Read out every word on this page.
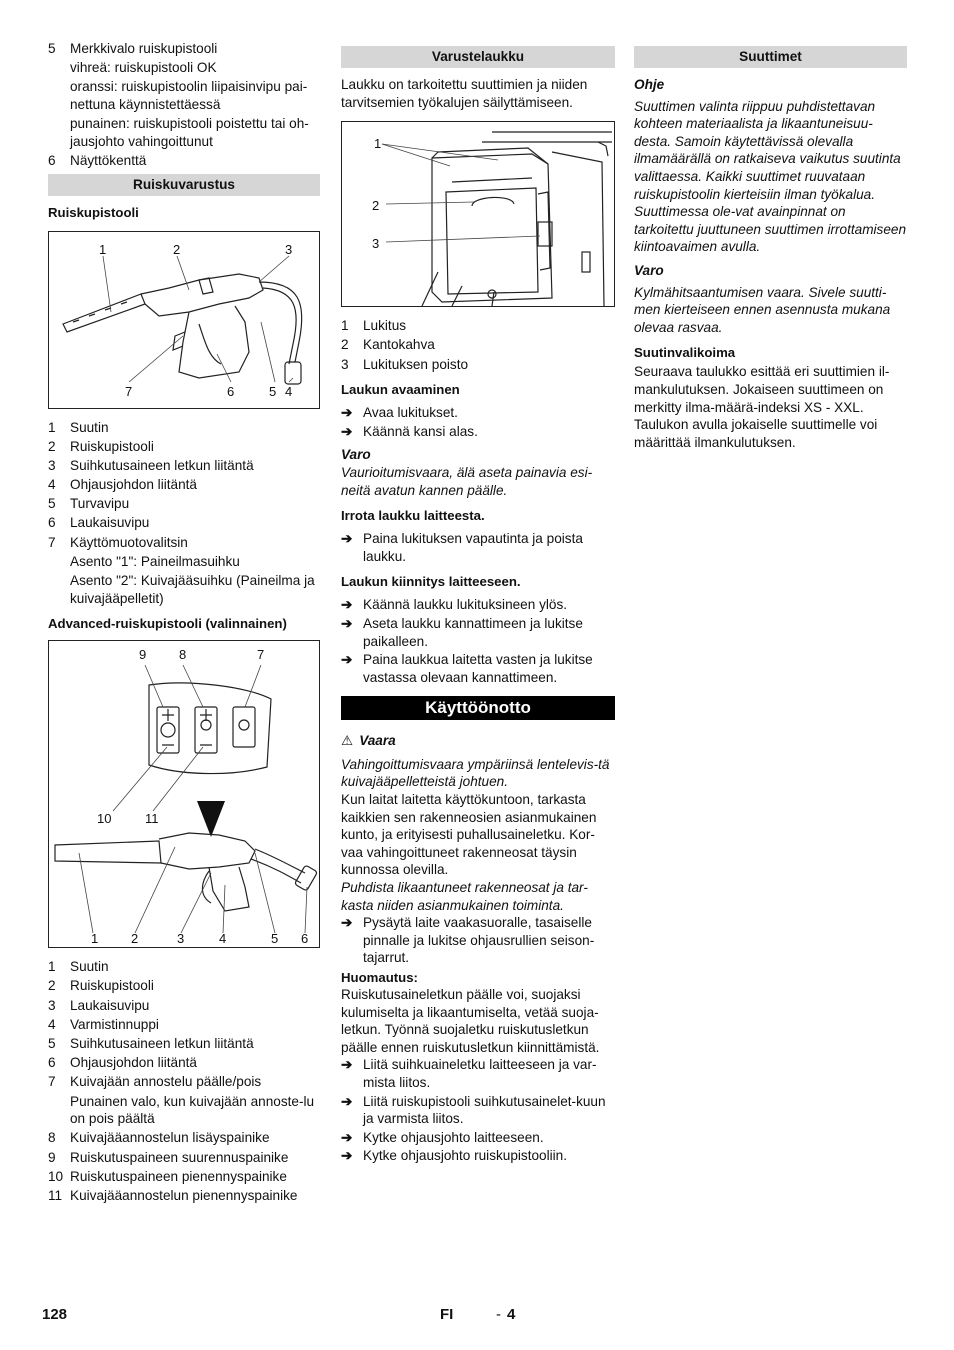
5	Merkkivalo ruiskupistooli
vihreä: ruiskupistooli OK
oranssi: ruiskupistoolin liipaisinvipu pai-nettuna käynnistettäessä
punainen: ruiskupistooli poistettu tai oh-jausjohto vahingoittunut
6	Näyttökenttä
Ruiskuvarustus
Ruiskupistooli
1	2	3
7	6	5 4
1	Suutin
2	Ruiskupistooli
3	Suihkutusaineen letkun liitäntä
4	Ohjausjohdon liitäntä
5	Turvavipu
6	Laukaisuvipu
7	Käyttömuotovalitsin
Asento "1": Paineilmasuihku
Asento "2": Kuivajääsuihku (Paineilma ja kuivajääpelletit)
Advanced-ruiskupistooli (valinnainen)
9	8	7
10	11
1	2	3	4	5 6
1	Suutin
2	Ruiskupistooli
3	Laukaisuvipu
4	Varmistinnuppi
5	Suihkutusaineen letkun liitäntä
6	Ohjausjohdon liitäntä
7	Kuivajään annostelu päälle/pois
Punainen valo, kun kuivajään annoste-lu on pois päältä
8	Kuivajääannostelun lisäyspainike
9	Ruiskutuspaineen suurennuspainike
10 Ruiskutuspaineen pienennyspainike
11 Kuivajääannostelun pienennyspainike
Varustelaukku

Laukku on tarkoitettu suuttimien ja niiden tarvitsemien työkalujen säilyttämiseen.

1
2
3
1	Lukitus
2	Kantokahva
3	Lukituksen poisto
Laukun avaaminen
➔ Avaa lukitukset.
➔ Käännä kansi alas.
Varo

Vaurioitumisvaara, älä aseta painavia esi-neitä avatun kannen päälle.

Irrota laukku laitteesta.
➔ Paina lukituksen vapautinta ja poista laukku.
Laukun kiinnitys laitteeseen.
➔ Käännä laukku lukituksineen ylös.
➔ Aseta laukku kannattimeen ja lukitse paikalleen.
➔ Paina laukkua laitetta vasten ja lukitse vastassa olevaan kannattimeen.
Käyttöönotto
⚠ Vaara

Vahingoittumisvaara ympäriinsä lentelevis-tä kuivajääpelletteistä johtuen.

Kun laitat laitetta käyttökuntoon, tarkasta kaikkien sen rakenneosien asianmukainen kunto, ja erityisesti puhallusaineletku. Kor-vaa vahingoittuneet rakenneosat täysin kunnossa olevilla.

Puhdista likaantuneet rakenneosat ja tar-kasta niiden asianmukainen toiminta.

➔ Pysäytä laite vaakasuoralle, tasaiselle pinnalle ja lukitse ohjausrullien seison-tajarrut.
Huomautus:

Ruiskutusaineletkun päälle voi, suojaksi kulumiselta ja likaantumiselta, vetää suoja-letkun. Työnnä suojaletku ruiskutusletkun päälle ennen ruiskutusletkun kiinnittämistä.

➔ Liitä suihkuaineletku laitteeseen ja var-mista liitos.
➔ Liitä ruiskupistooli suihkutusainelet-kuun ja varmista liitos.
➔ Kytke ohjausjohto laitteeseen.
➔ Kytke ohjausjohto ruiskupistooliin.
Suuttimet
Ohje

Suuttimen valinta riippuu puhdistettavan kohteen materiaalista ja likaantuneisuu-desta. Samoin käytettävissä olevalla ilmamäärällä on ratkaiseva vaikutus suutinta valittaessa. Kaikki suuttimet ruuvataan ruiskupistoolin kierteisiin ilman työkalua. Suuttimessa ole-vat avainpinnat on tarkoitettu juuttuneen suuttimen irrottamiseen kiintoavaimen avulla.

Varo

Kylmähitsaantumisen vaara. Sivele suutti-men kierteiseen ennen asennusta mukana olevaa rasvaa.

Suutinvalikoima

Seuraava taulukko esittää eri suuttimien il-mankulutuksen. Jokaiseen suuttimeen on merkitty ilma-määrä-indeksi XS - XXL. Taulukon avulla jokaiselle suuttimelle voi määrittää ilmankulutuksen.

128	FI	- 4
